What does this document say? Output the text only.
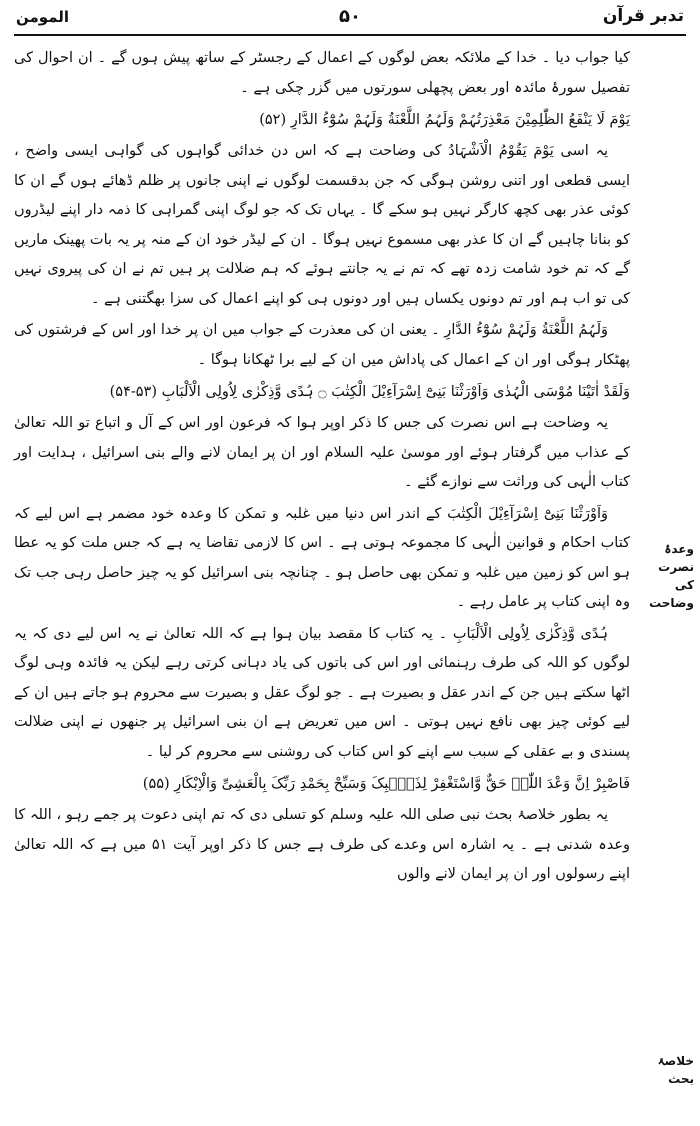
تدبر قرآن
۵۰
المومن
وعدۂ نصرت کی وضاحت
خلاصۂ بحث

کیا جواب دیا ۔ خدا کے ملائکہ بعض لوگوں کے اعمال کے رجسٹر کے ساتھ پیش ہوں گے ۔ ان احوال کی تفصیل سورۂ مائدہ اور بعض پچھلی سورتوں میں گزر چکی ہے ۔

یَوْمَ لَا یَنْفَعُ الظّٰلِمِیْنَ مَعْذِرَتُہُمْ وَلَہُمُ اللَّعْنَةُ وَلَہُمْ سُوْٓءُ الدَّارِ (۵۲)

یہ اسی یَوْمَ یَقُوْمُ الْاَشْہَادُ کی وضاحت ہے کہ اس دن خدائی گواہوں کی گواہی ایسی واضح ، ایسی قطعی اور اتنی روشن ہوگی کہ جن بدقسمت لوگوں نے اپنی جانوں پر ظلم ڈھائے ہوں گے ان کا کوئی عذر بھی کچھ کارگر نہیں ہو سکے گا ۔ یہاں تک کہ جو لوگ اپنی گمراہی کا ذمہ دار اپنے لیڈروں کو بنانا چاہیں گے ان کا عذر بھی مسموع نہیں ہوگا ۔ ان کے لیڈر خود ان کے منہ پر یہ بات پھینک ماریں گے کہ تم خود شامت زدہ تھے کہ تم نے یہ جانتے ہوئے کہ ہم ضلالت پر ہیں تم نے ان کی پیروی نہیں کی تو اب ہم اور تم دونوں یکساں ہیں اور دونوں ہی کو اپنے اعمال کی سزا بھگتنی ہے ۔

وَلَہُمُ اللَّعْنَةُ وَلَہُمْ سُوْٓءُ الدَّارِ ۔ یعنی ان کی معذرت کے جواب میں ان پر خدا اور اس کے فرشتوں کی پھٹکار ہوگی اور ان کے اعمال کی پاداش میں ان کے لیے برا ٹھکانا ہوگا ۔

وَلَقَدْ اٰتَیْنَا مُوْسَی الْہُدٰی وَاَوْرَثْنَا بَنِیْٓ اِسْرَآءِیْلَ الْکِتٰبَ ۝ ہُدًی وَّذِکْرٰی لِاُولِی الْاَلْبَابِ (۵۳-۵۴)

یہ وضاحت ہے اس نصرت کی جس کا ذکر اوپر ہوا کہ فرعون اور اس کے آل و اتباع تو اللہ تعالیٰ کے عذاب میں گرفتار ہوئے اور موسیٰ علیہ السلام اور ان پر ایمان لانے والے بنی اسرائیل ، ہدایت اور کتاب الٰہی کی وراثت سے نوازے گئے ۔

وَاَوْرَثْنَا بَنِیْٓ اِسْرَآءِیْلَ الْکِتٰبَ کے اندر اس دنیا میں غلبہ و تمکن کا وعدہ خود مضمر ہے اس لیے کہ کتاب احکام و قوانین الٰہی کا مجموعہ ہوتی ہے ۔ اس کا لازمی تقاضا یہ ہے کہ جس ملت کو یہ عطا ہو اس کو زمین میں غلبہ و تمکن بھی حاصل ہو ۔ چنانچہ بنی اسرائیل کو یہ چیز حاصل رہی جب تک وہ اپنی کتاب پر عامل رہے ۔

ہُدًی وَّذِکْرٰی لِاُولِی الْاَلْبَابِ ۔ یہ کتاب کا مقصد بیان ہوا ہے کہ اللہ تعالیٰ نے یہ اس لیے دی کہ یہ لوگوں کو اللہ کی طرف رہنمائی اور اس کی باتوں کی یاد دہانی کرتی رہے لیکن یہ فائدہ وہی لوگ اٹھا سکتے ہیں جن کے اندر عقل و بصیرت ہے ۔ جو لوگ عقل و بصیرت سے محروم ہو جاتے ہیں ان کے لیے کوئی چیز بھی نافع نہیں ہوتی ۔ اس میں تعریض ہے ان بنی اسرائیل پر جنھوں نے اپنی ضلالت پسندی و بے عقلی کے سبب سے اپنے کو اس کتاب کی روشنی سے محروم کر لیا ۔

فَاصْبِرْ اِنَّ وَعْدَ اللّٰہِ حَقٌّ وَّاسْتَغْفِرْ لِذَنْۢبِکَ وَسَبِّحْ بِحَمْدِ رَبِّکَ بِالْعَشِیِّ وَالْاِبْکَارِ (۵۵)

یہ بطور خلاصۂ بحث نبی صلی اللہ علیہ وسلم کو تسلی دی کہ تم اپنی دعوت پر جمے رہو ، اللہ کا وعدہ شدنی ہے ۔ یہ اشارہ اس وعدے کی طرف ہے جس کا ذکر اوپر آیت ۵۱ میں ہے کہ اللہ تعالیٰ اپنے رسولوں اور ان پر ایمان لانے والوں
